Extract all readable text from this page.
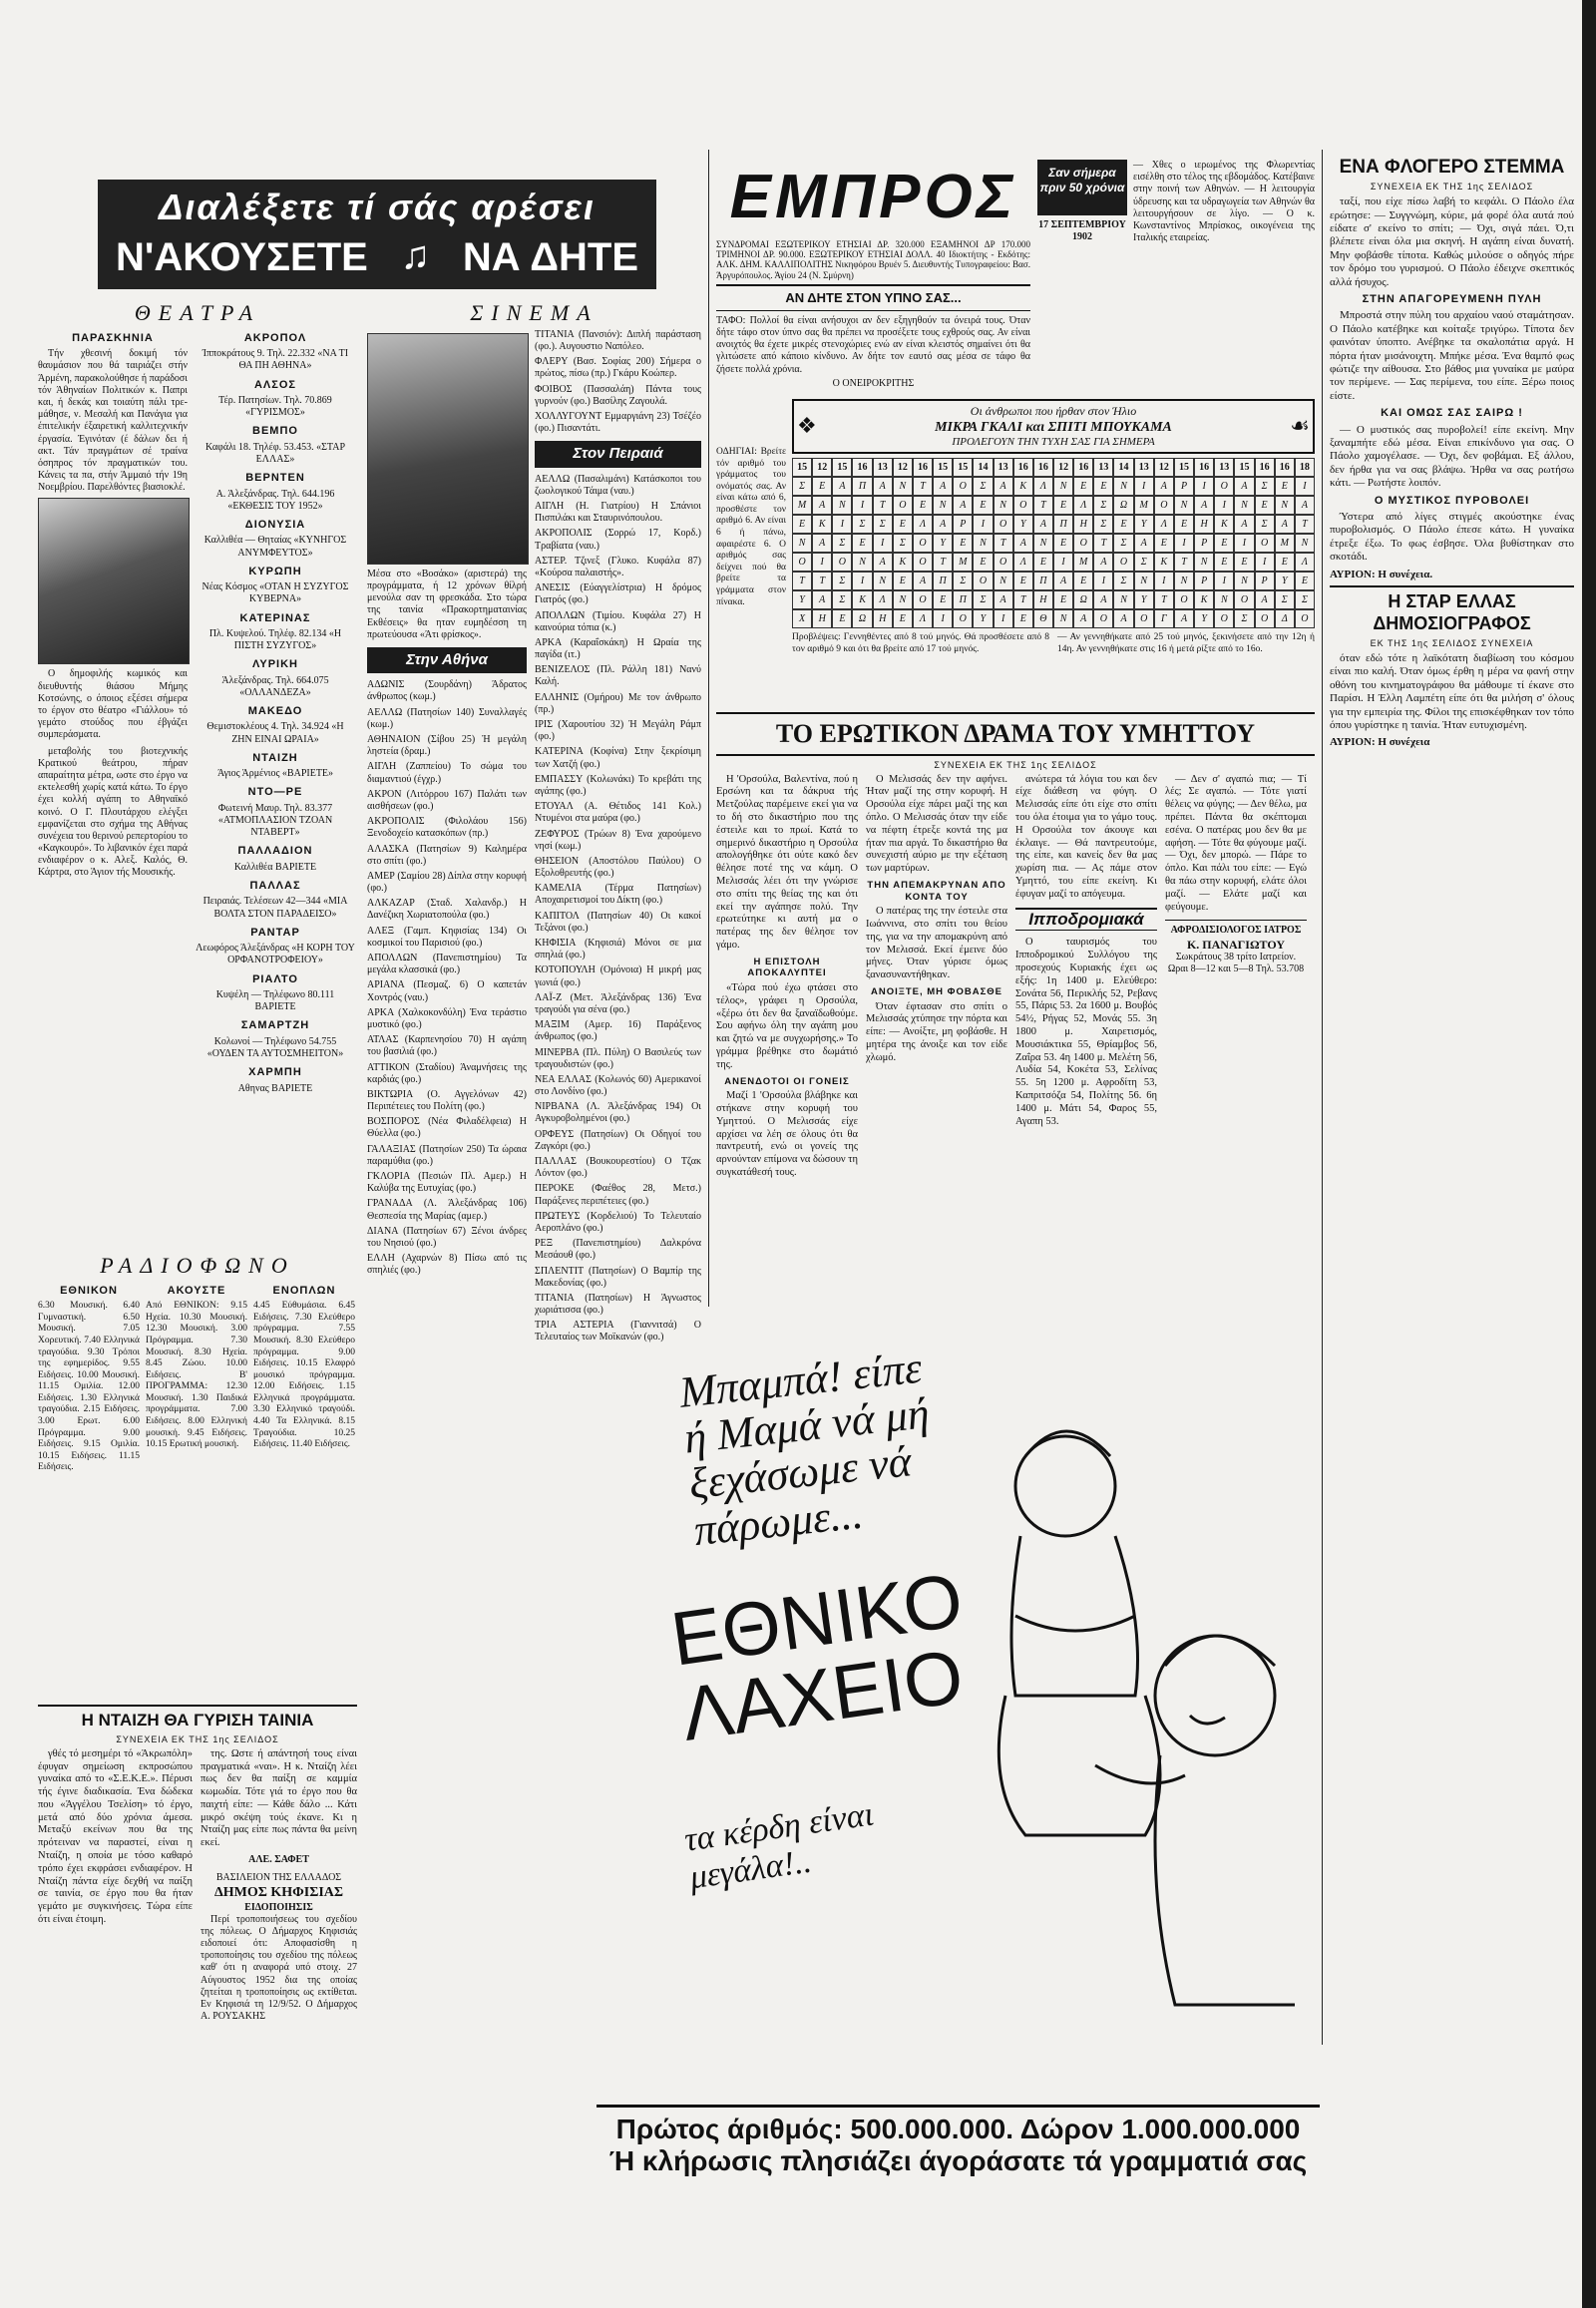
Διαλέξετε τί σάς αρέσει
Ν'ΑΚΟΥΣΕΤΕ ♫ ΝΑ ΔΗΤΕ
ΘΕΑΤΡΑ
ΠΑΡΑΣΚΗΝΙΑ

Τήν χθεσινή δοκιμή τόν θαυμάσιον που θά ταιριάζει στήν Άρμένη, παρακολούθησε ή παράδοσι τόν Άθηναίων Πολιτικών κ. Παπρι και, ή δεκάς και τοιαύτη πάλι τρε- μάθησε, ν. Μεσαλή και Πανάγια για έπιτελικήν έξαιρετική καλλιτεχνικήν έργασία. Έγινόταν (έ δάλων δει ή ακτ. Τάν πραγμάτων σέ τραίνα όσηπρος τόν πραγματικών του. Κάνεις τα πα, στήν Άμμαιό τήν 19η Νοεμβρίου. Παρελθόντες βιασιοκλέ.

Ο δημοφιλής κωμικός και διευθυντής θιάσου Μήμης Κοτσώνης, ο όποιος εξέσει σήμερα το έργον στο θέατρο «Γιάλλου» τό γεμάτο στούδος που έβγάζει συμπεράσματα.

μεταβολής του βιοτεχνικής Κρατικού θεάτρου, πήραν απαραίτητα μέτρα, ωστε στο έργο να εκτελεσθή χωρίς κατά κάτω. Το έργο έχει κολλή αγάπη το Αθηναϊκό κοινό. Ο Γ. Πλουτάρχου ελέγξει εμφανίζεται στο σχήμα της Αθήνας συνέχεια του θερινού ρεπερτορίου το «Καγκουρό». Το λιβανικόν έχει παρά ενδιαφέρον ο κ. Αλεξ. Καλός, Θ. Κάρτρα, στο Άγιον τής Μουσικής.

ΑΚΡΟΠΟΛ
Ίπποκράτους 9. Τηλ. 22.332 «ΝΑ ΤΙ ΘΑ ΠΗ ΑΘΗΝΑ»
ΑΛΣΟΣ
Τέρ. Πατησίων. Τηλ. 70.869 «ΓΥΡΙΣΜΟΣ»
ΒΕΜΠΟ
Καφάλι 18. Τηλέφ. 53.453. «ΣΤΑΡ ΕΛΛΑΣ»
ΒΕΡΝΤΕΝ
Α. Άλεξάνδρας. Τηλ. 644.196 «ΕΚΘΕΣΙΣ ΤΟΥ 1952»
ΔΙΟΝΥΣΙΑ
Καλλιθέα — Θηταίας «ΚΥΝΗΓΟΣ ΑΝΥΜΦΕΥΤΟΣ»
ΚΥΡΩΠΗ
Νέας Κόσμος «ΟΤΑΝ Η ΣΥΖΥΓΟΣ ΚΥΒΕΡΝΑ»
ΚΑΤΕΡΙΝΑΣ
Πλ. Κυψελού. Τηλέφ. 82.134 «Η ΠΙΣΤΗ ΣΥΖΥΓΟΣ»
ΛΥΡΙΚΗ
Άλεξάνδρας. Τηλ. 664.075 «ΟΛΛΑΝΔΕΖΑ»
ΜΑΚΕΔΟ
Θεμιστοκλέους 4. Τηλ. 34.924 «Η ΖΗΝ ΕΙΝΑΙ ΩΡΑΙΑ»
ΝΤΑΙΖΗ
Άγιος Άρμένιος «ΒΑΡΙΕΤΕ»
ΝΤΟ—ΡΕ
Φωτεινή Μαυρ. Τηλ. 83.377 «ΑΤΜΟΠΛΑΣΙΟΝ ΤΖΟΑΝ ΝΤΑΒΕΡΤ»
ΠΑΛΛΑΔΙΟΝ
Καλλιθέα ΒΑΡΙΕΤΕ
ΠΑΛΛΑΣ
Πειραιάς. Τελέσεων 42—344 «ΜΙΑ ΒΟΛΤΑ ΣΤΟΝ ΠΑΡΑΔΕΙΣΟ»
ΡΑΝΤΑΡ
Λεωφόρος Άλεξάνδρας «Η ΚΟΡΗ ΤΟΥ ΟΡΦΑΝΟΤΡΟΦΕΙΟΥ»
ΡΙΑΛΤΟ
Κυψέλη — Τηλέφωνο 80.111 ΒΑΡΙΕΤΕ
ΣΑΜΑΡΤΖΗ
Κολωνοί — Τηλέφωνο 54.755 «ΟΥΔΕΝ ΤΑ ΑΥΤΟΣΜΗΕΙΤΟΝ»
ΧΑΡΜΠΗ
Αθηνας ΒΑΡΙΕΤΕ
ΡΑΔΙΟΦΩΝΟ
ΕΘΝΙΚΟΝ

6.30 Μουσική. 6.40 Γυμναστική. 6.50 Μουσική. 7.05 Χορευτική. 7.40 Ελληνικά τραγούδια. 9.30 Τρόποι της εφημερίδος. 9.55 Ειδήσεις. 10.00 Μουσική. 11.15 Ομιλία. 12.00 Ειδήσεις. 1.30 Ελληνικά τραγούδια. 2.15 Ειδήσεις. 3.00 Ερωτ. 6.00 Πρόγραμμα. 9.00 Ειδήσεις. 9.15 Ομιλία. 10.15 Ειδήσεις. 11.15 Ειδήσεις.

ΑΚΟΥΣΤΕ

Από ΕΘΝΙΚΟΝ: 9.15 Ηχεία. 10.30 Μουσική. 12.30 Μουσική. 3.00 Πρόγραμμα. 7.30 Μουσική. 8.30 Ηχεία. 8.45 Ζώου. 10.00 Ειδήσεις. Β' ΠΡΟΓΡΑΜΜΑ: 12.30 Μουσική. 1.30 Παιδικά προγράμματα. 7.00 Ειδήσεις. 8.00 Ελληνική μουσική. 9.45 Ειδήσεις. 10.15 Ερωτική μουσική.

ΕΝΟΠΛΩΝ

4.45 Εύθυμάσια. 6.45 Ειδήσεις. 7.30 Ελεύθερο πρόγραμμα. 7.55 Μουσική. 8.30 Ελεύθερο πρόγραμμα. 9.00 Ειδήσεις. 10.15 Ελαφρό μουσικό πρόγραμμα. 12.00 Ειδήσεις. 1.15 Ελληνικά προγράμματα. 3.30 Ελληνικό τραγούδι. 4.40 Τα Ελληνικά. 8.15 Τραγούδια. 10.25 Ειδήσεις. 11.40 Ειδήσεις.

Η ΝΤΑΙΖΗ ΘΑ ΓΥΡΙΣΗ ΤΑΙΝΙΑ
ΣΥΝΕΧΕΙΑ ΕΚ ΤΗΣ 1ης ΣΕΛΙΔΟΣ

γθές τό μεσημέρι τό «Άκρωπόλη» έφυγαν σημείωση εκπροσώπου γυναίκα από το «Σ.Ε.Κ.Ε.». Πέρυσι τής έγινε διαδικασία. Ένα δώδεκα που «Άγγέλου Τσελίση» τό έργο, μετά από δύο χρόνια άμεσα. Μεταξύ εκείνων που θα της πρότειναν να παραστεί, είναι η Νταίζη, η οποία με τόσο καθαρό τρόπο έχει εκφράσει ενδιαφέρον. Η Νταίζη πάντα είχε δεχθή να παίξη σε ταινία, σε έργο που θα ήταν γεμάτο με συγκινήσεις. Τώρα είπε ότι είναι έτοιμη.

της. Ωστε ή απάντησή τους είναι πραγματικά «ναι». Η κ. Νταίζη λέει πως δεν θα παίξη σε καμμία κωμωδία. Τότε γιά το έργο που θα παιχτή είπε: — Κάθε δάλο ... Κάτι μικρό σκέψη τούς έκανε. Κι η Νταίζη μας είπε πως πάντα θα μείνη εκεί.

ΑΛΕ. ΣΑΦΕΤ
ΒΑΣΙΛΕΙΟΝ ΤΗΣ ΕΛΛΑΔΟΣ
ΔΗΜΟΣ ΚΗΦΙΣΙΑΣ
ΕΙΔΟΠΟΙΗΣΙΣ

Περί τροποποιήσεως του σχεδίου της πόλεως. Ο Δήμαρχος Κηφισιάς ειδοποιεί ότι: Αποφασίσθη η τροποποίησις του σχεδίου της πόλεως καθ' ότι η αναφορά υπό στοιχ. 27 Αύγουστος 1952 δια της οποίας ζητείται η τροποποίησις ως εκτίθεται. Εν Κηφισιά τη 12/9/52. Ο Δήμαρχος Α. ΡΟΥΣΑΚΗΣ

ΣΙΝΕΜΑ

Μέσα στο «Βοσάκο» (αριστερά) της προγράμματα, ή 12 χρόνων θίλρή μενούλα σαν τη φρεσκάδα. Στο τώρα της ταινία «Πρακορτηματαινίας Εκθέσεις» θα ηταν ευμηδέσση τη πρωτεύουσα «Άτι φρίσκος».

Στην Αθήνα
ΑΔΩΝΙΣ (Σουρδάνη) Άδρατος άνθρωπος (κωμ.)
ΑΕΛΛΩ (Πατησίων 140) Συναλλαγές (κωμ.)
ΑΘΗΝΑΙΟΝ (Σίβου 25) Ή μεγάλη ληστεία (δραμ.)
ΑΙΓΛΗ (Ζαππείου) Το σώμα του διαμαντιού (έγχρ.)
ΑΚΡΟΝ (Λιτόρρου 167) Παλάτι των αισθήσεων (φο.)
ΑΚΡΟΠΟΛΙΣ (Φιλολάου 156) Ξενοδοχείο κατασκόπων (πρ.)
ΑΛΑΣΚΑ (Πατησίων 9) Καλημέρα στο σπίτι (φο.)
ΑΜΕΡ (Σαμίου 28) Δίπλα στην κορυφή (φο.)
ΑΛΚΑΖΑΡ (Σταδ. Χαλανδρ.) Η Δανέζικη Χωριατοπούλα (φο.)
ΑΛΕΞ (Γαμπ. Κηφισίας 134) Οι κοσμικοί του Παρισιού (φο.)
ΑΠΟΛΛΩΝ (Πανεπιστημίου) Τα μεγάλα κλασσικά (φο.)
ΑΡΙΑΝΑ (Πεσμαζ. 6) Ο καπετάν Χοντρός (ναυ.)
ΑΡΚΑ (Χαλκοκονδύλη) Ένα τεράστιο μυστικό (φο.)
ΑΤΛΑΣ (Καρπενησίου 70) Η αγάπη του βασιλιά (φο.)
ΑΤΤΙΚΟΝ (Σταδίου) Άναμνήσεις της καρδιάς (φο.)
ΒΙΚΤΩΡΙΑ (Ο. Αγγελόνων 42) Περιπέτειες του Πολίτη (φο.)
ΒΟΣΠΟΡΟΣ (Νέα Φιλαδέλφεια) Η Θύελλα (φο.)
ΓΑΛΑΞΙΑΣ (Πατησίων 250) Τα ώραια παραμύθια (φο.)
ΓΚΛΟΡΙΑ (Πεσιών Πλ. Αμερ.) Η Καλύβα της Ευτυχίας (φο.)
ΓΡΑΝΑΔΑ (Λ. Άλεξάνδρας 106) Θεσπεσία της Μαρίας (αμερ.)
ΔΙΑΝΑ (Πατησίων 67) Ξένοι άνδρες του Νησιού (φο.)
ΕΛΛΗ (Αχαρνών 8) Πίσω από τις σπηλιές (φο.)
ΤΙΤΑΝΙΑ (Πανσιόν): Διπλή παράσταση (φο.). Αυγουστιο Ναπόλεο.
ΦΛΕΡΥ (Βασ. Σοφίας 200) Σήμερα ο πρώτος, πίσω (πρ.) Γκάρυ Κοώπερ.
ΦΟΙΒΟΣ (Πασσαλάη) Πάντα τους γυρνούν (φο.) Βασίλης Ζαγουλά.
ΧΟΛΛΥΓΟΥΝΤ Εμμαργιάνη 23) Τσέζέο (φο.) Πισαντάτι.
Στον Πειραιά
ΑΕΛΛΩ (Πασαλιμάνι) Κατάσκοποι του ζωολογικού Τάιμα (ναυ.)
ΑΙΓΛΗ (Η. Γιατρίου) Η Σπάνιοι Πισπιλάκι και Σταυρινόπουλου.
ΑΚΡΟΠΟΛΙΣ (Σορρώ 17, Κορδ.) Τραβίατα (ναυ.)
ΑΣΤΕΡ. Τζινεξ (Γλυκο. Κυφάλα 87) «Κούρσα παλαιστής».
ΑΝΕΣΙΣ (Εύαγγελίστρια) Η δρόμος Γιατρός (φο.)
ΑΠΟΛΛΩΝ (Τιμίου. Κυφάλα 27) Η καινούρια τόπια (κ.)
ΑΡΚΑ (Καραΐσκάκη) Η Ωραία της παγίδα (ιτ.)
ΒΕΝΙΖΕΛΟΣ (Πλ. Ράλλη 181) Νανύ Καλή.
ΕΛΛΗΝΙΣ (Ομήρου) Με τον άνθρωπο (πρ.)
ΙΡΙΣ (Χαρουτίου 32) Ή Μεγάλη Ράμπ (φο.)
ΚΑΤΕΡΙΝΑ (Κοφίνα) Στην ξεκρίσιμη των Χατζή (φο.)
ΕΜΠΑΣΣΥ (Κολωνάκι) Το κρεβάτι της αγάπης (φο.)
ΕΤΟΥΑΛ (Α. Θέτιδος 141 Κολ.) Ντυμένοι στα μαύρα (φο.)
ΖΕΦΥΡΟΣ (Τρώων 8) Ένα χαρούμενο νησί (κωμ.)
ΘΗΣΕΙΟΝ (Αποστόλου Παύλου) Ο Εξολοθρευτής (φο.)
ΚΑΜΕΛΙΑ (Τέρμα Πατησίων) Αποχαιρετισμοί του Δίκτη (φο.)
ΚΑΠΙΤΟΛ (Πατησίων 40) Οι κακοί Τεξάνοι (φο.)
ΚΗΦΙΣΙΑ (Κηφισιά) Μόνοι σε μια σπηλιά (φο.)
ΚΟΤΟΠΟΥΛΗ (Ομόνοια) Η μικρή μας γωνιά (φο.)
ΛΑΪ-Ζ (Μετ. Άλεξάνδρας 136) Ένα τραγούδι για σένα (φο.)
ΜΑΞΙΜ (Αμερ. 16) Παράξενος άνθρωπος (φο.)
ΜΙΝΕΡΒΑ (Πλ. Πύλη) Ο Βασιλεύς των τραγουδιστών (φο.)
ΝΕΑ ΕΛΛΑΣ (Κολωνός 60) Αμερικανοί στο Λονδίνο (φο.)
ΝΙΡΒΑΝΑ (Λ. Άλεξάνδρας 194) Οι Αγκυροβολημένοι (φο.)
ΟΡΦΕΥΣ (Πατησίων) Οι Οδηγοί του Ζαγκόρι (φο.)
ΠΑΛΛΑΣ (Βουκουρεστίου) Ο Τζακ Λόντον (φο.)
ΠΕΡΟΚΕ (Φαέθος 28, Μετσ.) Παράξενες περιπέτειες (φο.)
ΠΡΩΤΕΥΣ (Κορδελιού) Το Τελευταίο Αεροπλάνο (φο.)
ΡΕΞ (Πανεπιστημίου) Δαλκρόνα Μεσάουθ (φο.)
ΣΠΛΕΝΤΙΤ (Πατησίων) Ο Βαμπίρ της Μακεδονίας (φο.)
ΤΙΤΑΝΙΑ (Πατησίων) Η Άγνωστος χωριάτισσα (φο.)
ΤΡΙΑ ΑΣΤΕΡΙΑ (Γιαννιτσά) Ο Τελευταίος των Μοϊκανών (φο.)
ΕΜΠΡΟΣ
ΣΥΝΔΡΟΜΑΙ ΕΞΩΤΕΡΙΚΟΥ ΕΤΗΣΙΑΙ ΔΡ. 320.000 ΕΞΑΜΗΝΟΙ ΔΡ 170.000 ΤΡΙΜΗΝΟΙ ΔΡ. 90.000. ΕΞΩΤΕΡΙΚΟΥ ΕΤΗΣΙΑΙ ΔΟΛΛ. 40 Ιδιοκτήτης - Εκδότης: ΑΛΚ. ΔΗΜ. ΚΑΛΛΙΠΟΛΙΤΗΣ Νικηφόρου Βρυέν 5. Διευθυντής Τυπογραφείου: Βασ. Άργυρόπουλος. Άγίου 24 (Ν. Σμύρνη)
ΑΝ ΔΗΤΕ ΣΤΟΝ ΥΠΝΟ ΣΑΣ...

ΤΑΦΟ: Πολλοί θα είναι ανήσυχοι αν δεν εξηγηθούν τα όνειρά τους. Όταν δήτε τάφο στον ύπνο σας θα πρέπει να προσέξετε τους εχθρούς σας. Αν είναι ανοιχτός θα έχετε μικρές στενοχώριες ενώ αν είναι κλειστός σημαίνει ότι θα γλιτώσετε από κάποιο κίνδυνο. Αν δήτε τον εαυτό σας μέσα σε τάφο θα ζήσετε πολλά χρόνια.

Ο ΟΝΕΙΡΟΚΡΙΤΗΣ
Σαν σήμερα πριν 50 χρόνια
17 ΣΕΠΤΕΜΒΡΙΟΥ 1902

— Χθες ο ιερωμένος της Φλωρεντίας εισέλθη στο τέλος της εβδομάδος. Κατέβαινε στην ποινή των Αθηνών. — Η λειτουργία ύδρευσης και τα υδραγωγεία των Αθηνών θα λειτουργήσουν σε λίγο. — Ο κ. Κωνσταντίνος Μπρίσκος, οικογένεια της Ιταλικής εταιρείας.

ΟΔΗΓΙΑΙ: Βρείτε τόν αριθμό του γράμματος του ονόματός σας. Αν είναι κάτω από 6, προσθέστε τον αριθμό 6. Αν είναι 6 ή πάνω, αφαιρέστε 6. Ο αριθμός σας δείχνει πού θα βρείτε τα γράμματα στον πίνακα.

❖
Οι άνθρωποι που ήρθαν στον Ήλιο
ΜΙΚΡΑ ΓΚΑΛΙ και ΣΠΙΤΙ ΜΠΟΥΚΑΜΑ
ΠΡΟΛΕΓΟΥΝ ΤΗΝ ΤΥΧΗ ΣΑΣ ΓΙΑ ΣΗΜΕΡΑ
☙
15	12	15	16	13	12	16	15	15	14	13	16	16	12	16	13	14	13	12	15	16	13	15	16	16	18
Σ	Ε	Α	Π	Α	Ν	Τ	Α	Ο	Σ	Α	Κ	Λ	Ν	Ε	Ε	Ν	Ι	Α	Ρ	Ι	Ο	Α	Σ	Ε	Ι
Μ	Α	Ν	Ι	Τ	Ο	Ε	Ν	Α	Ε	Ν	Ο	Τ	Ε	Λ	Σ	Ω	Μ	Ο	Ν	Α	Ι	Ν	Ε	Ν	Α
Ε	Κ	Ι	Σ	Σ	Ε	Λ	Α	Ρ	Ι	Ο	Υ	Α	Π	Η	Σ	Ε	Υ	Λ	Ε	Η	Κ	Α	Σ	Α	Τ
Ν	Α	Σ	Ε	Ι	Σ	Ο	Υ	Ε	Ν	Τ	Α	Ν	Ε	Ο	Τ	Σ	Α	Ε	Ι	Ρ	Ε	Ι	Ο	Μ	Ν
Ο	Ι	Ο	Ν	Α	Κ	Ο	Τ	Μ	Ε	Ο	Λ	Ε	Ι	Μ	Α	Ο	Σ	Κ	Τ	Ν	Ε	Ε	Ι	Ε	Λ
Τ	Τ	Σ	Ι	Ν	Ε	Α	Π	Σ	Ο	Ν	Ε	Π	Α	Ε	Ι	Σ	Ν	Ι	Ν	Ρ	Ι	Ν	Ρ	Υ	Ε
Υ	Α	Σ	Κ	Λ	Ν	Ο	Ε	Π	Σ	Α	Τ	Η	Ε	Ω	Α	Ν	Υ	Τ	Ο	Κ	Ν	Ο	Α	Σ	Σ
Χ	Η	Ε	Ω	Η	Ε	Λ	Ι	Ο	Υ	Ι	Ε	Θ	Ν	Α	Ο	Α	Ο	Γ	Α	Υ	Ο	Σ	Ο	Δ	Ο

Προβλέψεις: Γεννηθέντες από 8 τού μηνός. Θά προσθέσετε από 8 τον αριθμό 9 και ότι θα βρείτε από 17 τού μηνός.

— Αν γεννηθήκατε από 25 τού μηνός, ξεκινήσετε από την 12η ή 14η. Αν γεννηθήκατε στις 16 ή μετά ρίξτε από το 16ο.

ΤΟ ΕΡΩΤΙΚΟΝ ΔΡΑΜΑ ΤΟΥ ΥΜΗΤΤΟΥ
ΣΥΝΕΧΕΙΑ ΕΚ ΤΗΣ 1ης ΣΕΛΙΔΟΣ

Η 'Ορσούλα, Βαλεντίνα, πού η Ερσώνη και τα δάκρυα τής Μετζούλας παρέμεινε εκεί για να το δή στο δικαστήριο που της έστειλε και το πρωί. Κατά το σημερινό δικαστήριο η Ορσούλα απολογήθηκε ότι ούτε κακό δεν θέλησε ποτέ της να κάμη. Ο Μελισσάς λέει ότι την γνώρισε στο σπίτι της θείας της και ότι εκεί την αγάπησε πολύ. Την ερωτεύτηκε κι αυτή μα ο πατέρας της δεν θέλησε τον γάμο.

Η ΕΠΙΣΤΟΛΗ ΑΠΟΚΑΛΥΠΤΕΙ

«Τώρα πού έχω φτάσει στο τέλος», γράφει η Ορσούλα, «ξέρω ότι δεν θα ξαναϊδωθούμε. Σου αφήνω όλη την αγάπη μου και ζητώ να με συγχωρήσης.» Το γράμμα βρέθηκε στο δωμάτιό της.

ΑΝΕΝΔΟΤΟΙ ΟΙ ΓΟΝΕΙΣ

Μαζί 1 'Ορσούλα βλάβηκε και στήκανε στην κορυφή του Υμηττού. Ο Μελισσάς είχε αρχίσει να λέη σε όλους ότι θα παντρευτή, ενώ οι γονείς της αρνούνταν επίμονα να δώσουν τη συγκατάθεσή τους.

Ο Μελισσάς δεν την αφήνει. Ήταν μαζί της στην κορυφή. Η Ορσούλα είχε πάρει μαζί της και όπλο. Ο Μελισσάς όταν την είδε να πέφτη έτρεξε κοντά της μα ήταν πια αργά. Το δικαστήριο θα συνεχιστή αύριο με την εξέταση των μαρτύρων.

ΤΗΝ ΑΠΕΜΑΚΡΥΝΑΝ ΑΠΟ ΚΟΝΤΑ ΤΟΥ

Ο πατέρας της την έστειλε στα Ιωάννινα, στο σπίτι του θείου της, για να την απομακρύνη από τον Μελισσά. Εκεί έμεινε δύο μήνες. Όταν γύρισε όμως ξανασυναντήθηκαν.

ΑΝΟΙΞΤΕ, ΜΗ ΦΟΒΑΣΘΕ

Όταν έφτασαν στο σπίτι ο Μελισσάς χτύπησε την πόρτα και είπε: — Ανοίξτε, μη φοβάσθε. Η μητέρα της άνοιξε και τον είδε χλωμό.

ανώτερα τά λόγια του και δεν είχε διάθεση να φύγη. Ο Μελισσάς είπε ότι είχε στο σπίτι του όλα έτοιμα για το γάμο τους. Η Ορσούλα τον άκουγε και έκλαιγε. — Θά παντρευτούμε, της είπε, και κανείς δεν θα μας χωρίση πια. — Ας πάμε στον Υμηττό, του είπε εκείνη. Κι έφυγαν μαζί το απόγευμα.

Ιπποδρομιακά

Ο ταυρισμός του Ιπποδρομικού Συλλόγου της προσεχούς Κυριακής έχει ως εξής: 1η 1400 μ. Ελεύθερο: Σονάτα 56, Περικλής 52, Ρεβανς 55, Πάρις 53. 2α 1600 μ. Βουβός 54½, Ρήγας 52, Μονάς 55. 3η 1800 μ. Χαιρετισμός, Μουσιάκτικα 55, Θρίαμβος 56, Ζαΐρα 53. 4η 1400 μ. Μελέτη 56, Λυδία 54, Κοκέτα 53, Σελίνας 55. 5η 1200 μ. Αφροδίτη 53, Καπριτσόζα 54, Πολίτης 56. 6η 1400 μ. Μάτι 54, Φαρος 55, Αγαπη 53.

— Δεν σ' αγαπώ πια; — Τί λές; Σε αγαπώ. — Τότε γιατί θέλεις να φύγης; — Δεν θέλω, μα πρέπει. Πάντα θα σκέπτομαι εσένα. Ο πατέρας μου δεν θα με αφήση. — Τότε θα φύγουμε μαζί. — Όχι, δεν μπορώ. — Πάρε το όπλο. Και πάλι του είπε: — Εγώ θα πάω στην κορυφή, ελάτε όλοι μαζί. — Ελάτε μαζί και φεύγουμε.

ΑΦΡΟΔΙΣΙΟΛΟΓΟΣ ΙΑΤΡΟΣ
Κ. ΠΑΝΑΓΙΩΤΟΥ
Σωκράτους 38 τρίτο Ιατρείον. Ωραι 8—12 και 5—8 Τηλ. 53.708
Μπαμπά! είπε ή Μαμά νά μή ξεχάσωμε νά πάρωμε...
ΕΘΝΙΚΟ ΛΑΧΕΙΟ
τα κέρδη είναι μεγάλα!..
Πρώτος άριθμός: 500.000.000. Δώρον 1.000.000.000
Ή κλήρωσις πλησιάζει άγοράσατε τά γραμματιά σας
ΕΝΑ ΦΛΟΓΕΡΟ ΣΤΕΜΜΑ
ΣΥΝΕΧΕΙΑ ΕΚ ΤΗΣ 1ης ΣΕΛΙΔΟΣ

ταξί, που είχε πίσω λαβή το κεφάλι. Ο Πάολο έλα ερώτησε: — Συγγνώμη, κύριε, μά φορέ όλα αυτά πού είδατε σ' εκείνο το σπίτι; — Όχι, σιγά πάει. Ό,τι βλέπετε είναι όλα μια σκηνή. Η αγάπη είναι δυνατή. Μην φοβάσθε τίποτα. Καθώς μιλούσε ο οδηγός πήρε τον δρόμο του γυρισμού. Ο Πάολο έδειχνε σκεπτικός αλλά ήσυχος.

ΣΤΗΝ ΑΠΑΓΟΡΕΥΜΕΝΗ ΠΥΛΗ

Μπροστά στην πύλη του αρχαίου ναού σταμάτησαν. Ο Πάολο κατέβηκε και κοίταξε τριγύρω. Τίποτα δεν φαινόταν ύποπτο. Ανέβηκε τα σκαλοπάτια αργά. Η πόρτα ήταν μισάνοιχτη. Μπήκε μέσα. Ένα θαμπό φως φώτιζε την αίθουσα. Στο βάθος μια γυναίκα με μαύρα τον περίμενε. — Σας περίμενα, του είπε. Ξέρω ποιος είστε.

ΚΑΙ ΟΜΩΣ ΣΑΣ ΣΑΙΡΩ !

— Ο μυστικός σας πυροβολεί! είπε εκείνη. Μην ξαναμπήτε εδώ μέσα. Είναι επικίνδυνο για σας. Ο Πάολο χαμογέλασε. — Όχι, δεν φοβάμαι. Εξ άλλου, δεν ήρθα για να σας βλάψω. Ήρθα να σας ρωτήσω κάτι. — Ρωτήστε λοιπόν.

Ο ΜΥΣΤΙΚΟΣ ΠΥΡΟΒΟΛΕΙ

Ύστερα από λίγες στιγμές ακούστηκε ένας πυροβολισμός. Ο Πάολο έπεσε κάτω. Η γυναίκα έτρεξε έξω. Το φως έσβησε. Όλα βυθίστηκαν στο σκοτάδι.

ΑΥΡΙΟΝ: Η συνέχεια.
Η ΣΤΑΡ ΕΛΛΑΣ ΔΗΜΟΣΙΟΓΡΑΦΟΣ
ΕΚ ΤΗΣ 1ης ΣΕΛΙΔΟΣ ΣΥΝΕΧΕΙΑ

όταν εδώ τότε η λαϊκότατη διαβίωση του κόσμου είναι πιο καλή. Όταν όμως έρθη η μέρα να φανή στην οθόνη του κινηματογράφου θα μάθουμε τί έκανε στο Παρίσι. Η Έλλη Λαμπέτη είπε ότι θα μιλήση σ' όλους για την εμπειρία της. Φίλοι της επισκέφθηκαν τον τόπο όπου γυρίστηκε η ταινία. Ήταν ευτυχισμένη.

ΑΥΡΙΟΝ: Η συνέχεια
